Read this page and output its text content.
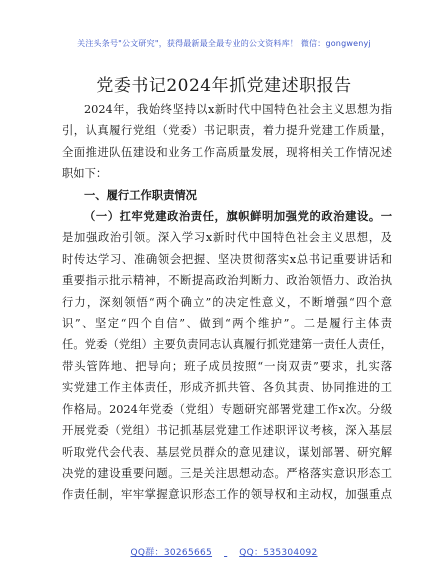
关注头条号"公文研究"，获得最新最全最专业的公文资料库！ 微信：gongwenyj
党委书记2024年抓党建述职报告
2024年，我始终坚持以x新时代中国特色社会主义思想为指
引，认真履行党组（党委）书记职责，着力提升党建工作质量，
全面推进队伍建设和业务工作高质量发展，现将相关工作情况述
职如下：
一、履行工作职责情况
（一）扛牢党建政治责任，旗帜鲜明加强党的政治建设。一
是加强政治引领。深入学习x新时代中国特色社会主义思想，及
时传达学习、准确领会把握、坚决贯彻落实x总书记重要讲话和
重要指示批示精神，不断提高政治判断力、政治领悟力、政治执
行力，深刻领悟“两个确立”的决定性意义，不断增强“四个意
识”、坚定“四个自信”、做到“两个维护”。二是履行主体责
任。党委（党组）主要负责同志认真履行抓党建第一责任人责任，
带头管阵地、把导向；班子成员按照“一岗双责”要求，扎实落
实党建工作主体责任，形成齐抓共管、各负其责、协同推进的工
作格局。2024年党委（党组）专题研究部署党建工作x次。分级
开展党委（党组）书记抓基层党建工作述职评议考核，深入基层
听取党代会代表、基层党员群众的意见建议，谋划部署、研究解
决党的建设重要问题。三是关注思想动态。严格落实意识形态工
作责任制，牢牢掌握意识形态工作的领导权和主动权，加强重点
QQ群：30265665	QQ：535304092
